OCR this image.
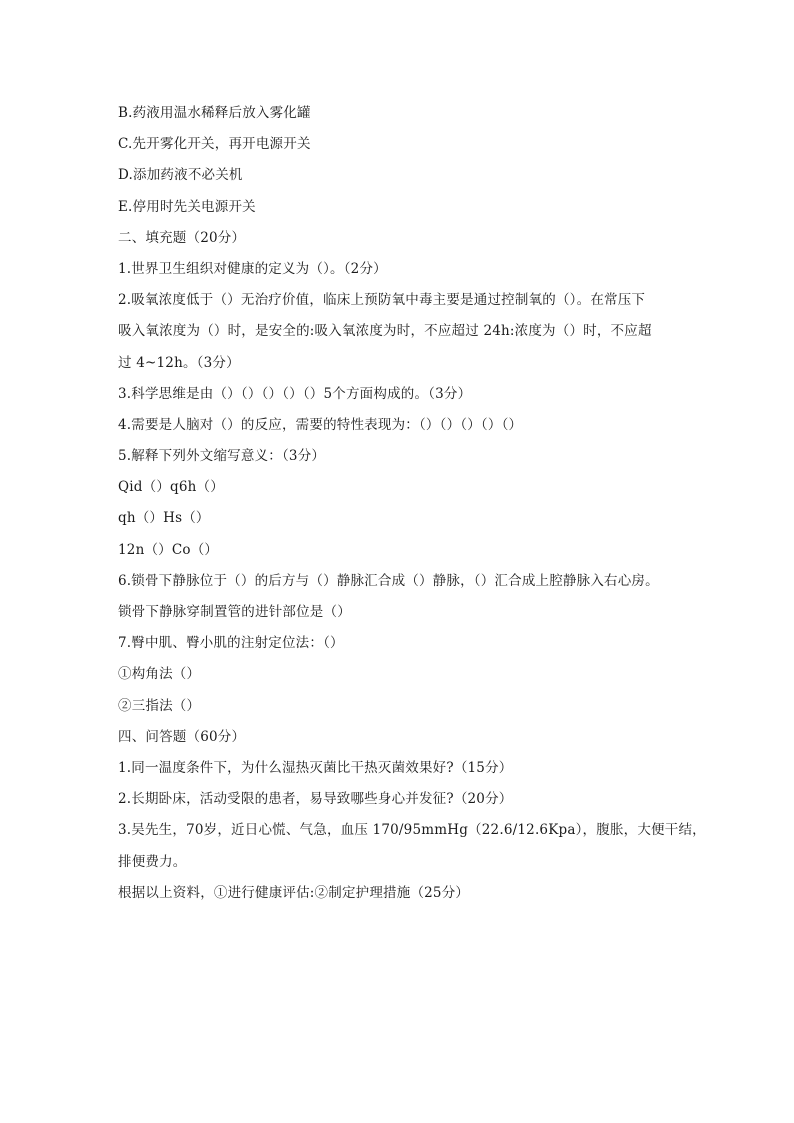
B.药液用温水稀释后放入雾化罐
C.先开雾化开关，再开电源开关
D.添加药液不必关机
E.停用时先关电源开关
二、填充题（20分）
1.世界卫生组织对健康的定义为（）。（2分）
2.吸氧浓度低于（）无治疗价值，临床上预防氧中毒主要是通过控制氧的（）。在常压下
吸入氧浓度为（）时，是安全的:吸入氧浓度为时，不应超过 24h:浓度为（）时，不应超
过 4~12h。（3分）
3.科学思维是由（）（）（）（）（）5个方面构成的。（3分）
4.需要是人脑对（）的反应，需要的特性表现为：（）（）（）（）（）
5.解释下列外文缩写意义：（3分）
Qid（）q6h（）
qh（）Hs（）
12n（）Co（）
6.锁骨下静脉位于（）的后方与（）静脉汇合成（）静脉，（）汇合成上腔静脉入右心房。
锁骨下静脉穿制置管的进针部位是（）
7.臀中肌、臀小肌的注射定位法：（）
①构角法（）
②三指法（）
四、问答题（60分）
1.同一温度条件下，为什么湿热灭菌比干热灭菌效果好?（15分）
2.长期卧床，活动受限的患者，易导致哪些身心并发征?（20分）
3.吴先生，70岁，近日心慌、气急，血压 170/95mmHg（22.6/12.6Kpa），腹胀，大便干结，
排便费力。
根据以上资料，①进行健康评估:②制定护理措施（25分）
